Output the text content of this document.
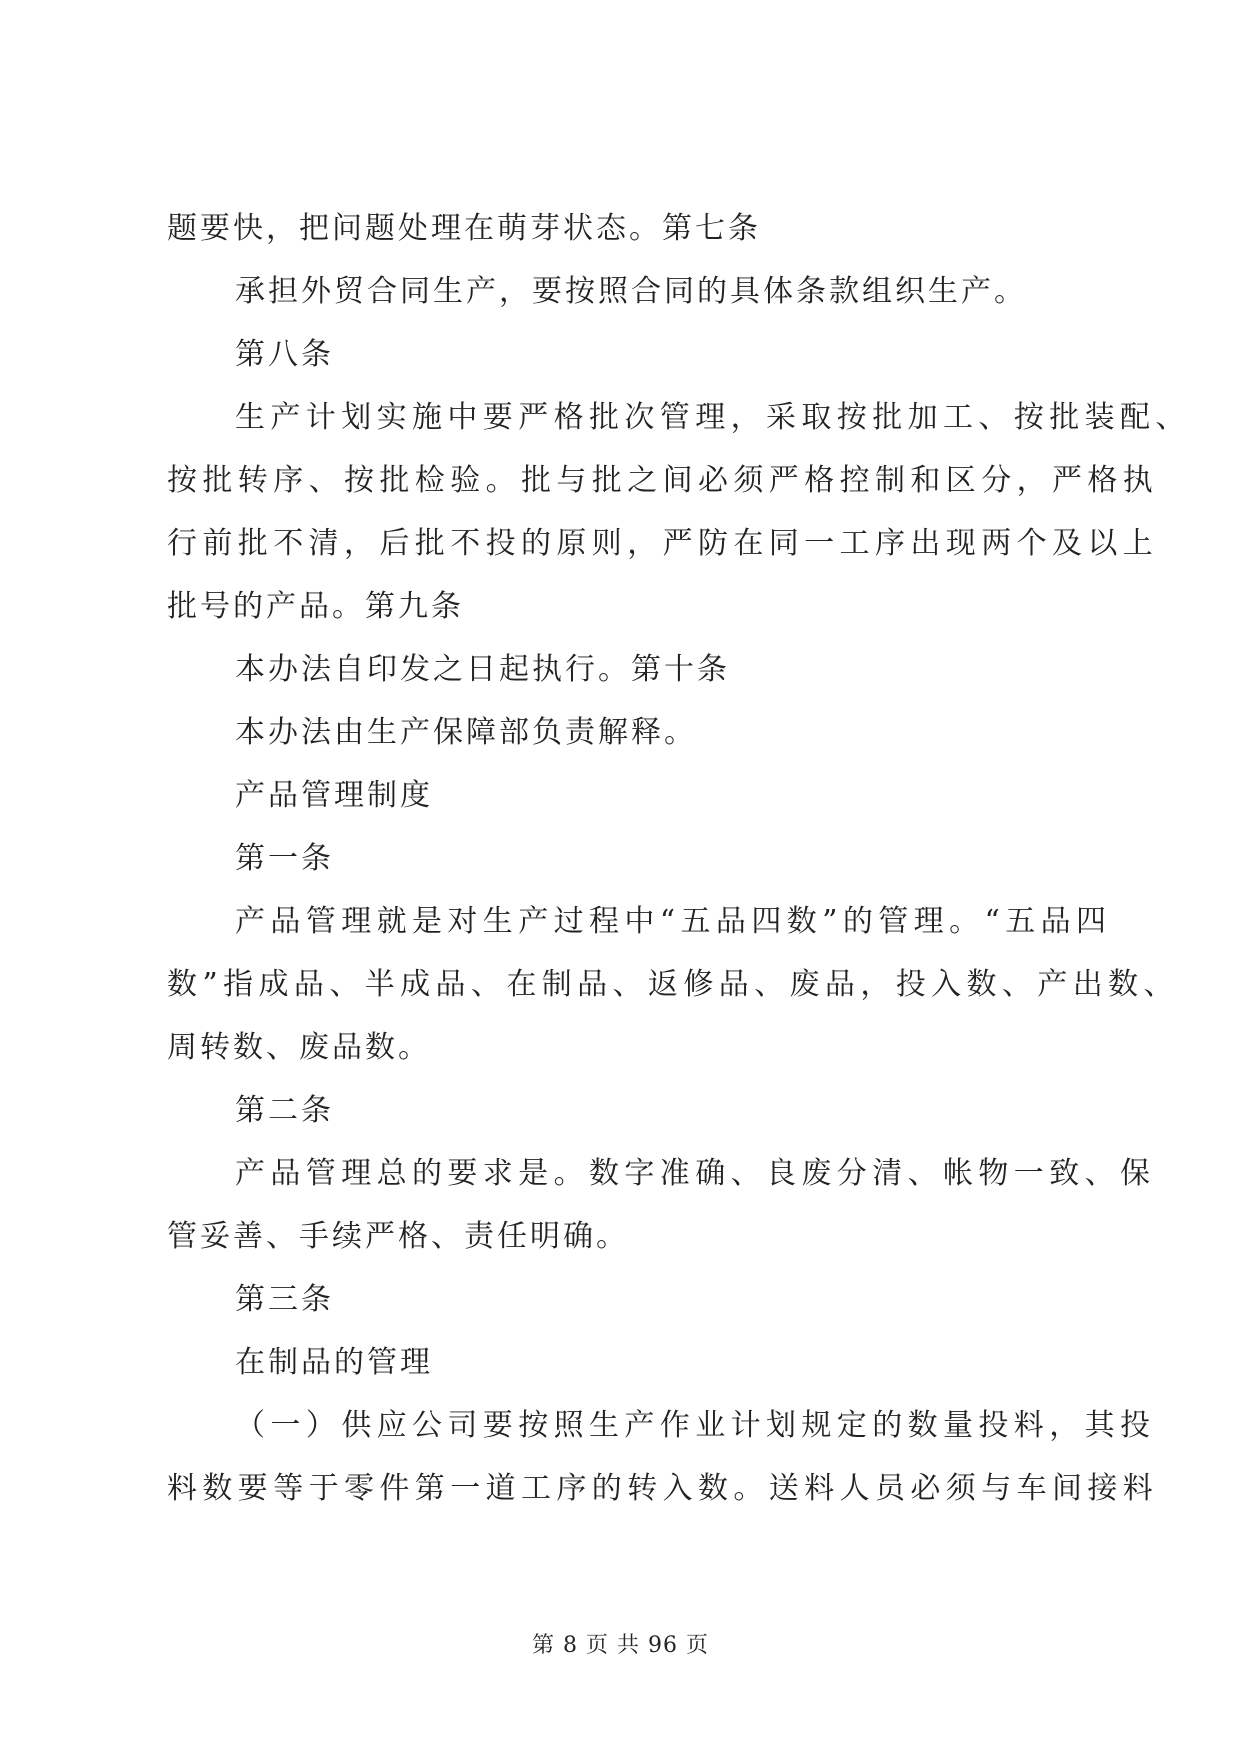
题要快，把问题处理在萌芽状态。第七条
承担外贸合同生产，要按照合同的具体条款组织生产。
第八条
生产计划实施中要严格批次管理，采取按批加工、按批装配、
按批转序、按批检验。批与批之间必须严格控制和区分，严格执
行前批不清，后批不投的原则，严防在同一工序出现两个及以上
批号的产品。第九条
本办法自印发之日起执行。第十条
本办法由生产保障部负责解释。
产品管理制度
第一条
产品管理就是对生产过程中“五品四数”的管理。“五品四
数”指成品、半成品、在制品、返修品、废品，投入数、产出数、
周转数、废品数。
第二条
产品管理总的要求是。数字准确、良废分清、帐物一致、保
管妥善、手续严格、责任明确。
第三条
在制品的管理
（一）供应公司要按照生产作业计划规定的数量投料，其投
料数要等于零件第一道工序的转入数。送料人员必须与车间接料
第 8 页 共 96 页
